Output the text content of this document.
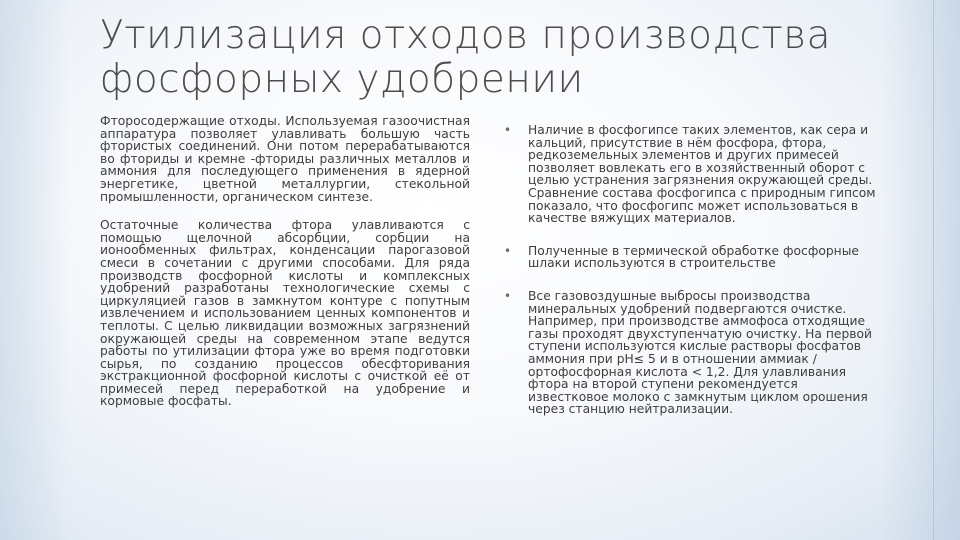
Утилизация отходов производства фосфорных удобрении

Фторосодержащие отходы. Используемая газоочистная аппаратура позволяет улавливать большую часть фтористых соединений. Они потом перерабатываются во фториды и кремне -фториды различных металлов и аммония для последующего применения в ядерной энергетике, цветной металлургии, стекольной промышленности, органическом синтезе.

Остаточные количества фтора улавливаются с помощью щелочной абсорбции, сорбции на ионообменных фильтрах, конденсации парогазовой смеси в сочетании с другими способами. Для ряда производств фосфорной кислоты и комплексных удобрений разработаны технологические схемы с циркуляцией газов в замкнутом контуре с попутным извлечением и использованием ценных компонентов и теплоты. С целью ликвидации возможных загрязнений окружающей среды на современном этапе ведутся работы по утилизации фтора уже во время подготовки сырья, по созданию процессов обесфторивания экстракционной фосфорной кислоты с очисткой её от примесей перед переработкой на удобрение и кормовые фосфаты.

• Наличие в фосфогипсе таких элементов, как сера и кальций, присутствие в нём фосфора, фтора, редкоземельных элементов и других примесей позволяет вовлекать его в хозяйственный оборот с целью устранения загрязнения окружающей среды. Сравнение состава фосфогипса с природным гипсом показало, что фосфогипс может использоваться в качестве вяжущих материалов.
• Полученные в термической обработке фосфорные шлаки используются в строительстве
• Все газовоздушные выбросы производства минеральных удобрений подвергаются очистке. Например, при производстве аммофоса отходящие газы проходят двухступенчатую очистку. На первой ступени используются кислые растворы фосфатов аммония при рН≤ 5 и в отношении аммиак / ортофосфорная кислота < 1,2. Для улавливания фтора на второй ступени рекомендуется известковое молоко с замкнутым циклом орошения через станцию нейтрализации.
